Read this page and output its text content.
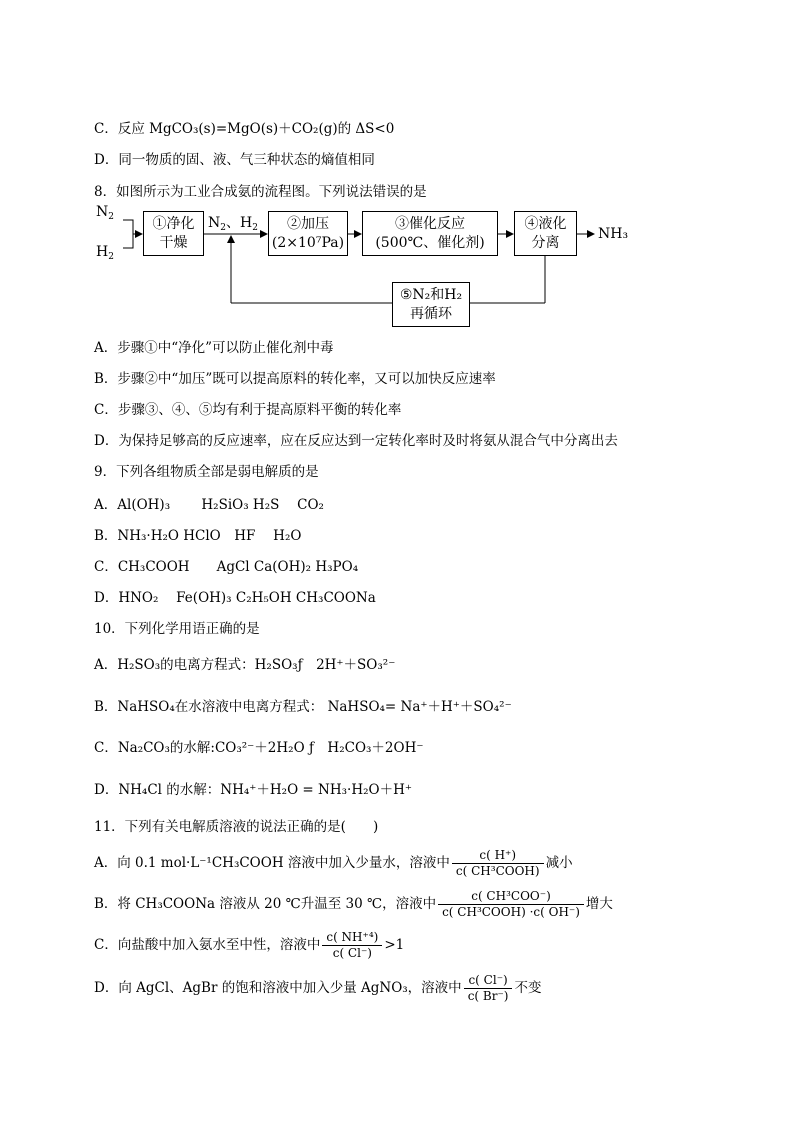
C．反应 MgCO₃(s)=MgO(s)＋CO₂(g)的 ΔS<0
D．同一物质的固、液、气三种状态的熵值相同
8．如图所示为工业合成氨的流程图。下列说法错误的是
$N_2$
$H_2$
①净化
干燥
$N_2$、$H_2$	②加压
(2×10⁷Pa)
③催化反应
(500℃、催化剂)
④液化
分离
NH₃
⑤N₂和H₂
再循环
A．步骤①中“净化”可以防止催化剂中毒
B．步骤②中“加压”既可以提高原料的转化率，又可以加快反应速率
C．步骤③、④、⑤均有利于提高原料平衡的转化率
D．为保持足够高的反应速率，应在反应达到一定转化率时及时将氨从混合气中分离出去
9．下列各组物质全部是弱电解质的是
A．Al(OH)₃　　 H₂SiO₃ H₂S　 CO₂
B．NH₃·H₂O HClO　HF　 H₂O
C．CH₃COOH　　AgCl Ca(OH)₂ H₃PO₄
D．HNO₂　 Fe(OH)₃ C₂H₅OH CH₃COONa
10．下列化学用语正确的是
A．H₂SO₃的电离方程式：H₂SO₃ƒ　2H⁺＋SO₃²⁻
B．NaHSO₄在水溶液中电离方程式： NaHSO₄= Na⁺＋H⁺＋SO₄²⁻
C．Na₂CO₃的水解:CO₃²⁻＋2H₂O ƒ　H₂CO₃＋2OH⁻
D．NH₄Cl 的水解：NH₄⁺＋H₂O = NH₃·H₂O＋H⁺
11．下列有关电解质溶液的说法正确的是(　　)
A．向 0.1 mol·L⁻¹CH₃COOH 溶液中加入少量水，溶液中 $\frac{c( H^+)}{\text{c( CH³COOH)}}$ 减小
B．将 CH₃COONa 溶液从 20 ℃升温至 30 ℃，溶液中 $\frac{\text{c( CH³COO⁻)}}{\text{c( CH³COOH) ·c( OH⁻)}}$ 增大
C．向盐酸中加入氨水至中性，溶液中 $\frac{\text{c( NH⁺⁴)}}{c( Cl^-)} >1$
D．向 AgCl、AgBr 的饱和溶液中加入少量 AgNO₃，溶液中 $\frac{c( Cl^-)}{c( Br^-)}$ 不变
